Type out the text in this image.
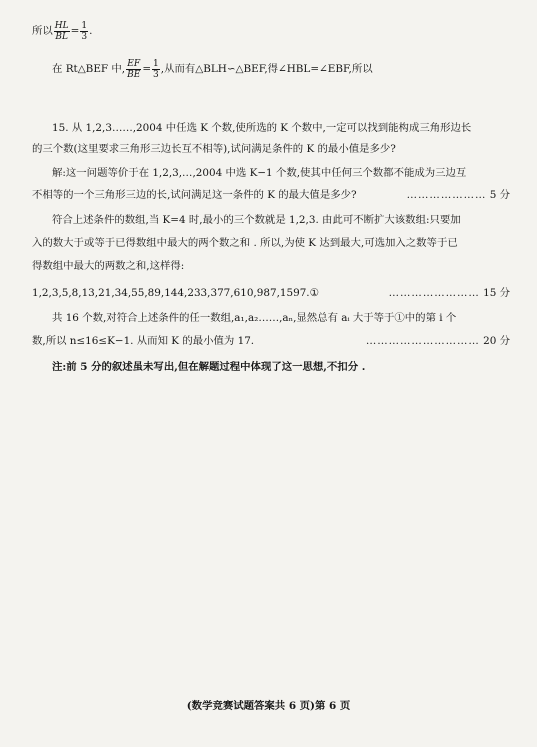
所以 $\frac{HL}{BL} = \frac{1}{3}$ .
在 Rt△BEF 中, $\frac{EF}{BE} = \frac{1}{3}$ ,从而有△BLH∽△BEF,得∠HBL=∠EBF,所以
15. 从 1,2,3……,2004 中任选 K 个数,使所选的 K 个数中,一定可以找到能构成三角形边长
的三个数(这里要求三角形三边长互不相等),试问满足条件的 K 的最小值是多少?
解:这一问题等价于在 1,2,3,…,2004 中选 K−1 个数,使其中任何三个数都不能成为三边互
不相等的一个三角形三边的长,试问满足这一条件的 K 的最大值是多少?	………………… 5 分
符合上述条件的数组,当 K=4 时,最小的三个数就是 1,2,3. 由此可不断扩大该数组:只要加
入的数大于或等于已得数组中最大的两个数之和 . 所以,为使 K 达到最大,可选加入之数等于已
得数组中最大的两数之和,这样得:
1,2,3,5,8,13,21,34,55,89,144,233,377,610,987,1597.①	…………………… 15 分
共 16 个数,对符合上述条件的任一数组,a₁,a₂……,aₙ,显然总有 aᵢ 大于等于①中的第 i 个
数,所以 n≤16≤K−1. 从而知 K 的最小值为 17.	………………………… 20 分
注:前 5 分的叙述虽未写出,但在解题过程中体现了这一思想,不扣分 .
(数学竞赛试题答案共 6 页)第 6 页
